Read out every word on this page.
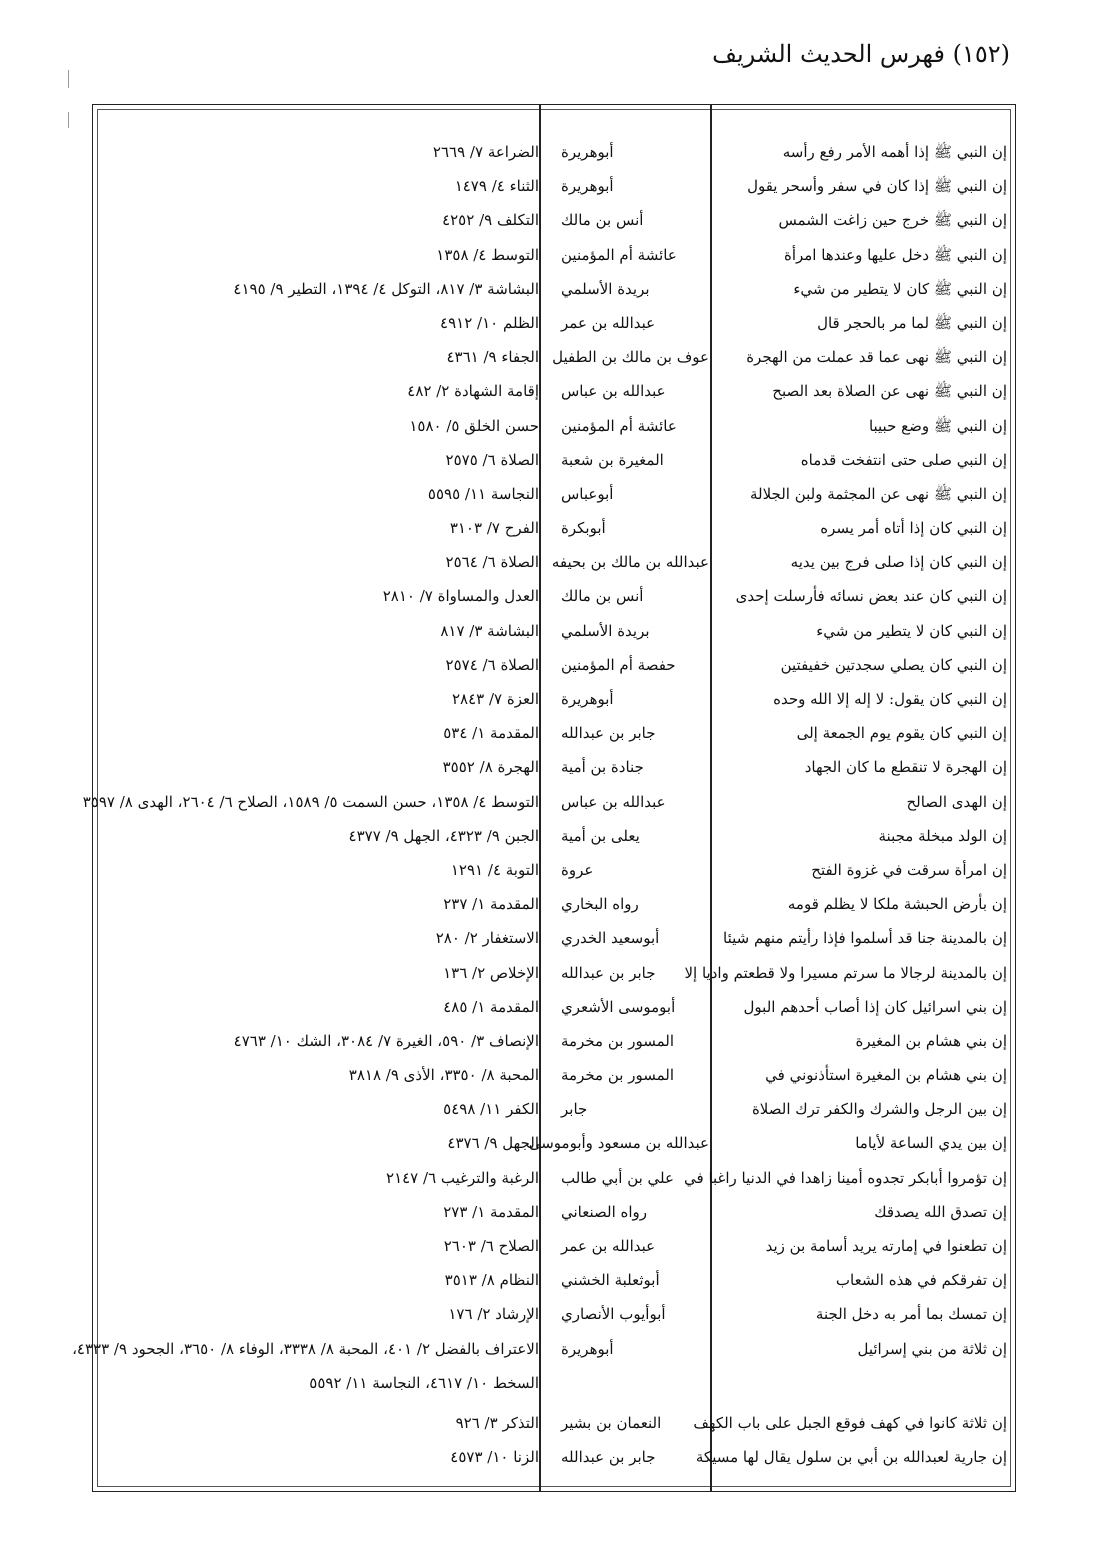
(١٥٢) فهرس الحديث الشريف
إن النبي ﷺ إذا أهمه الأمر رفع رأسه
أبوهريرة
الضراعة ٧/ ٢٦٦٩
إن النبي ﷺ إذا كان في سفر وأسحر يقول
أبوهريرة
الثناء ٤/ ١٤٧٩
إن النبي ﷺ خرج حين زاغت الشمس
أنس بن مالك
التكلف ٩/ ٤٢٥٢
إن النبي ﷺ دخل عليها وعندها امرأة
عائشة أم المؤمنين
التوسط ٤/ ١٣٥٨
إن النبي ﷺ كان لا يتطير من شيء
بريدة الأسلمي
البشاشة ٣/ ٨١٧، التوكل ٤/ ١٣٩٤، التطير ٩/ ٤١٩٥
إن النبي ﷺ لما مر بالحجر قال
عبدالله بن عمر
الظلم ١٠/ ٤٩١٢
إن النبي ﷺ نهى عما قد عملت من الهجرة
عوف بن مالك بن الطفيل
الجفاء ٩/ ٤٣٦١
إن النبي ﷺ نهى عن الصلاة بعد الصبح
عبدالله بن عباس
إقامة الشهادة ٢/ ٤٨٢
إن النبي ﷺ وضع حبيبا
عائشة أم المؤمنين
حسن الخلق ٥/ ١٥٨٠
إن النبي صلى حتى انتفخت قدماه
المغيرة بن شعبة
الصلاة ٦/ ٢٥٧٥
إن النبي ﷺ نهى عن المجثمة ولبن الجلالة
أبوعباس
النجاسة ١١/ ٥٥٩٥
إن النبي كان إذا أتاه أمر يسره
أبوبكرة
الفرح ٧/ ٣١٠٣
إن النبي كان إذا صلى فرج بين يديه
عبدالله بن مالك بن بحيفه
الصلاة ٦/ ٢٥٦٤
إن النبي كان عند بعض نسائه فأرسلت إحدى
أنس بن مالك
العدل والمساواة ٧/ ٢٨١٠
إن النبي كان لا يتطير من شيء
بريدة الأسلمي
البشاشة ٣/ ٨١٧
إن النبي كان يصلي سجدتين خفيفتين
حفصة أم المؤمنين
الصلاة ٦/ ٢٥٧٤
إن النبي كان يقول: لا إله إلا الله وحده
أبوهريرة
العزة ٧/ ٢٨٤٣
إن النبي كان يقوم يوم الجمعة إلى
جابر بن عبدالله
المقدمة ١/ ٥٣٤
إن الهجرة لا تنقطع ما كان الجهاد
جنادة بن أمية
الهجرة ٨/ ٣٥٥٢
إن الهدى الصالح
عبدالله بن عباس
التوسط ٤/ ١٣٥٨، حسن السمت ٥/ ١٥٨٩، الصلاح ٦/ ٢٦٠٤، الهدى ٨/ ٣٥٩٧
إن الولد مبخلة مجبنة
يعلى بن أمية
الجبن ٩/ ٤٣٢٣، الجهل ٩/ ٤٣٧٧
إن امرأة سرقت في غزوة الفتح
عروة
التوبة ٤/ ١٢٩١
إن بأرض الحبشة ملكا لا يظلم قومه
رواه البخاري
المقدمة ١/ ٢٣٧
إن بالمدينة جنا قد أسلموا فإذا رأيتم منهم شيئا
أبوسعيد الخدري
الاستغفار ٢/ ٢٨٠
إن بالمدينة لرجالا ما سرتم مسيرا ولا قطعتم واديا إلا
جابر بن عبدالله
الإخلاص ٢/ ١٣٦
إن بني اسرائيل كان إذا أصاب أحدهم البول
أبوموسى الأشعري
المقدمة ١/ ٤٨٥
إن بني هشام بن المغيرة
المسور بن مخرمة
الإنصاف ٣/ ٥٩٠، الغيرة ٧/ ٣٠٨٤، الشك ١٠/ ٤٧٦٣
إن بني هشام بن المغيرة استأذنوني في
المسور بن مخرمة
المحبة ٨/ ٣٣٥٠، الأذى ٩/ ٣٨١٨
إن بين الرجل والشرك والكفر ترك الصلاة
جابر
الكفر ١١/ ٥٤٩٨
إن بين يدي الساعة لأياما
عبدالله بن مسعود وأبوموسى
الجهل ٩/ ٤٣٧٦
إن تؤمروا أبابكر تجدوه أمينا زاهدا في الدنيا راغبا في
علي بن أبي طالب
الرغبة والترغيب ٦/ ٢١٤٧
إن تصدق الله يصدقك
رواه الصنعاني
المقدمة ١/ ٢٧٣
إن تطعنوا في إمارته يريد أسامة بن زيد
عبدالله بن عمر
الصلاح ٦/ ٢٦٠٣
إن تفرقكم في هذه الشعاب
أبوثعلبة الخشني
النظام ٨/ ٣٥١٣
إن تمسك بما أمر به دخل الجنة
أبوأيوب الأنصاري
الإرشاد ٢/ ١٧٦
إن ثلاثة من بني إسرائيل
أبوهريرة
الاعتراف بالفضل ٢/ ٤٠١، المحبة ٨/ ٣٣٣٨، الوفاء ٨/ ٣٦٥٠، الجحود ٩/ ٤٣٣٣،
السخط ١٠/ ٤٦١٧، النجاسة ١١/ ٥٥٩٢
إن ثلاثة كانوا في كهف فوقع الجبل على باب الكهف
النعمان بن بشير
التذكر ٣/ ٩٢٦
إن جارية لعبدالله بن أبي بن سلول يقال لها مسيكة
جابر بن عبدالله
الزنا ١٠/ ٤٥٧٣
